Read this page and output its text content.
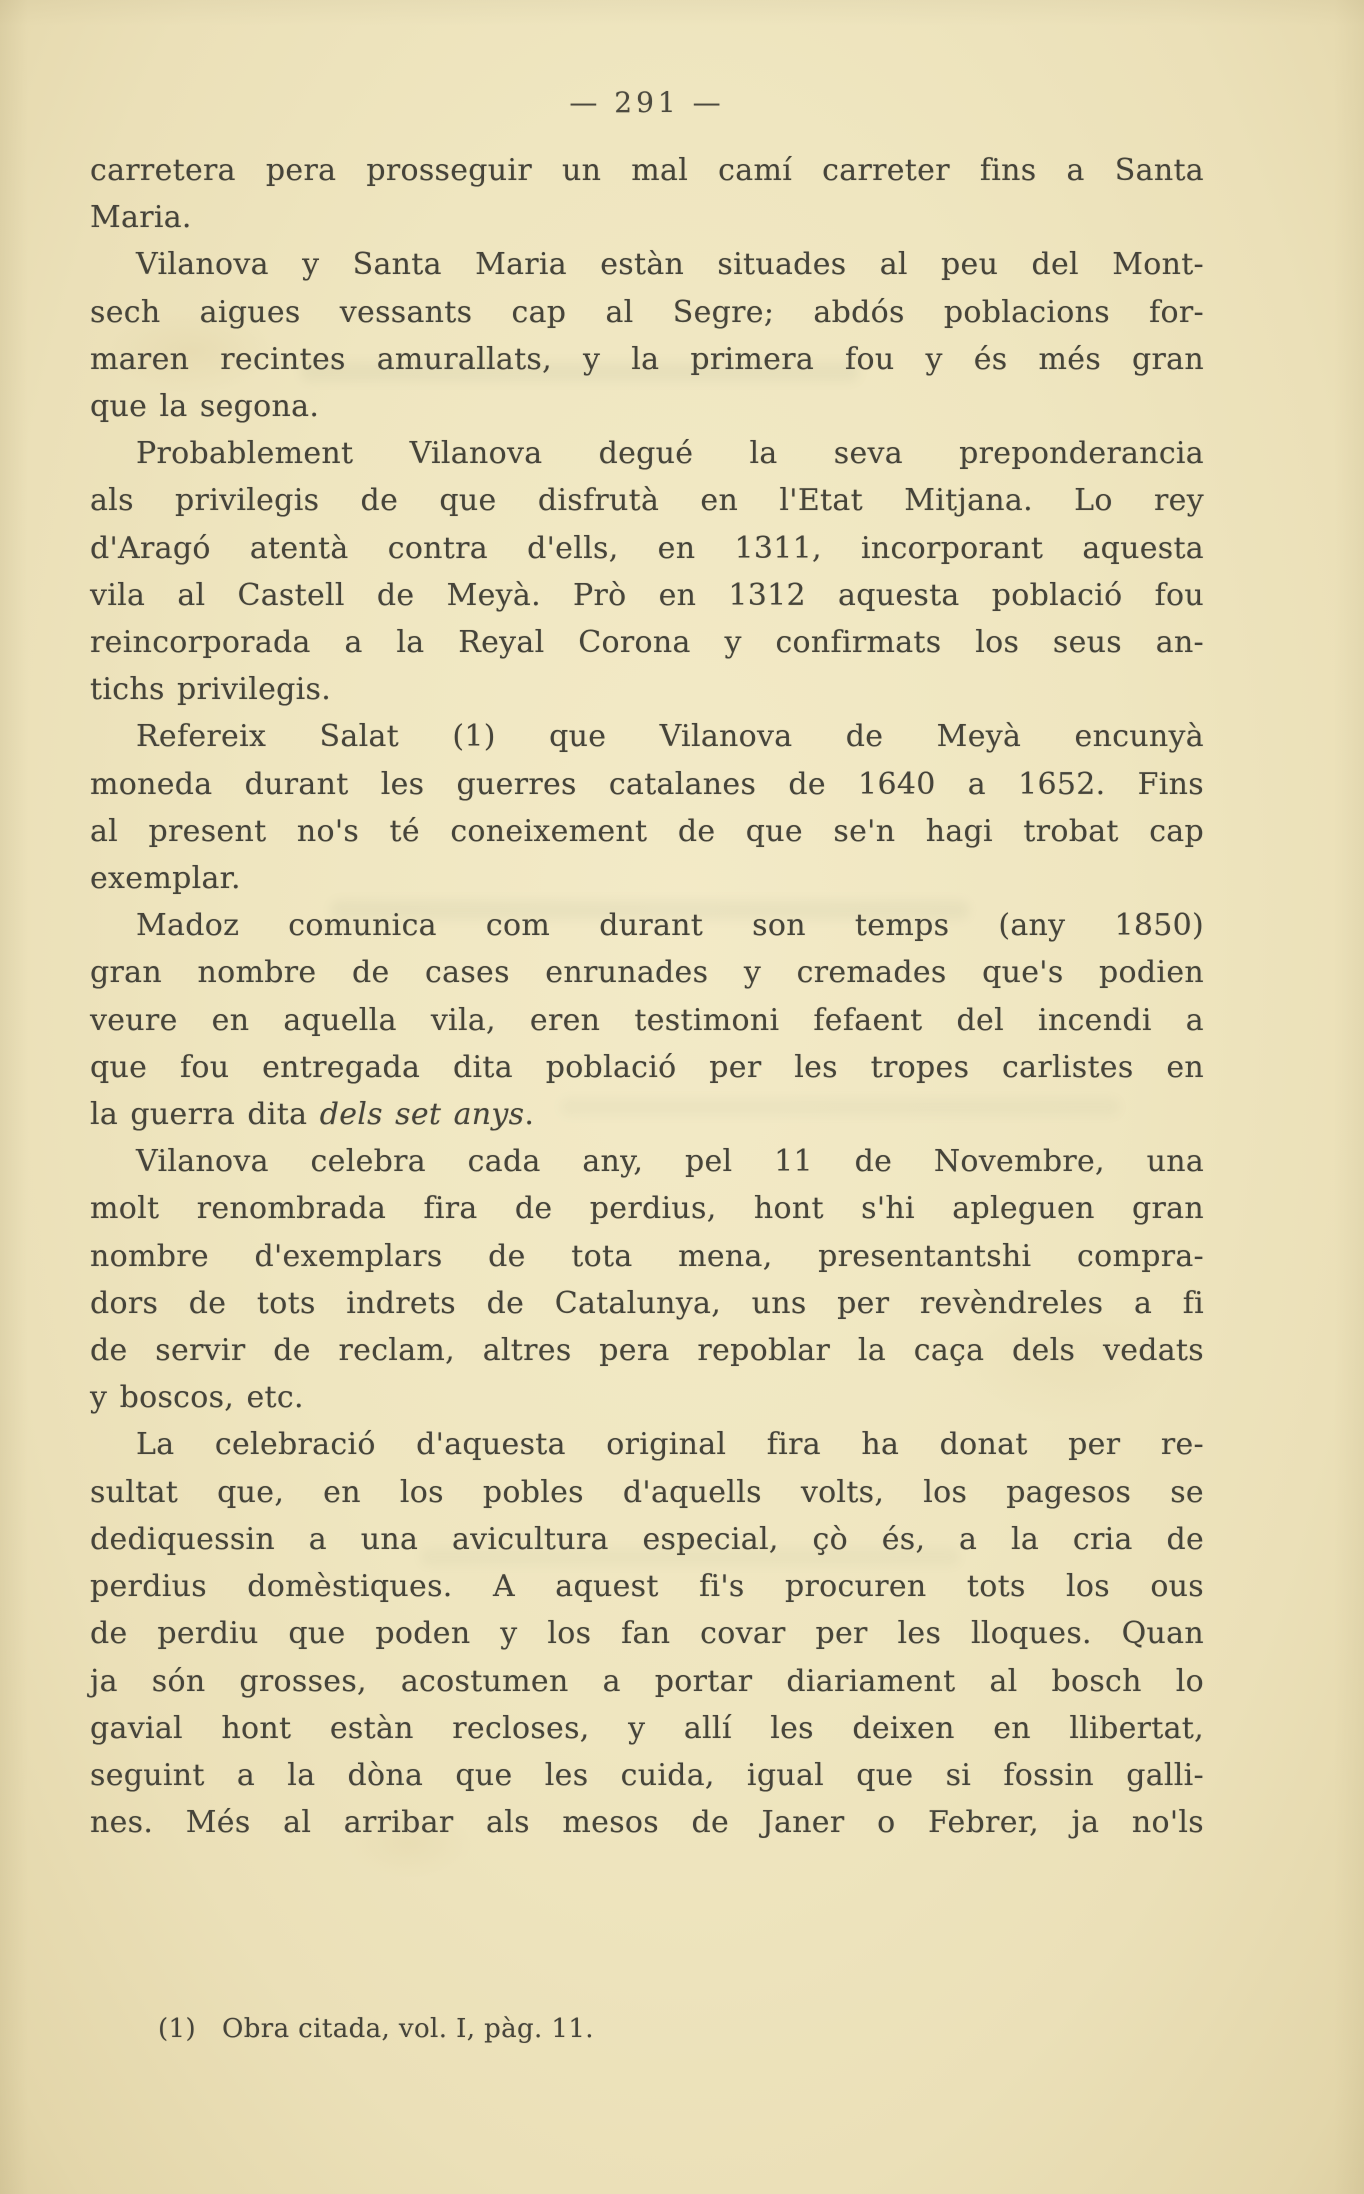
— 291 —
carretera pera prosseguir un mal camí carreter fins a Santa
Maria.
Vilanova y Santa Maria estàn situades al peu del Mont-
sech aigues vessants cap al Segre; abdós poblacions for-
maren recintes amurallats, y la primera fou y és més gran
que la segona.
Probablement Vilanova degué la seva preponderancia
als privilegis de que disfrutà en l'Etat Mitjana. Lo rey
d'Aragó atentà contra d'ells, en 1311, incorporant aquesta
vila al Castell de Meyà. Prò en 1312 aquesta població fou
reincorporada a la Reyal Corona y confirmats los seus an-
tichs privilegis.
Refereix Salat (1) que Vilanova de Meyà encunyà
moneda durant les guerres catalanes de 1640 a 1652. Fins
al present no's té coneixement de que se'n hagi trobat cap
exemplar.
Madoz comunica com durant son temps (any 1850)
gran nombre de cases enrunades y cremades que's podien
veure en aquella vila, eren testimoni fefaent del incendi a
que fou entregada dita població per les tropes carlistes en
la guerra dita dels set anys.
Vilanova celebra cada any, pel 11 de Novembre, una
molt renombrada fira de perdius, hont s'hi apleguen gran
nombre d'exemplars de tota mena, presentantshi compra-
dors de tots indrets de Catalunya, uns per revèndreles a fi
de servir de reclam, altres pera repoblar la caça dels vedats
y boscos, etc.
La celebració d'aquesta original fira ha donat per re-
sultat que, en los pobles d'aquells volts, los pagesos se
dediquessin a una avicultura especial, çò és, a la cria de
perdius domèstiques. A aquest fi's procuren tots los ous
de perdiu que poden y los fan covar per les lloques. Quan
ja són grosses, acostumen a portar diariament al bosch lo
gavial hont estàn recloses, y allí les deixen en llibertat,
seguint a la dòna que les cuida, igual que si fossin galli-
nes. Més al arribar als mesos de Janer o Febrer, ja no'ls
(1) Obra citada, vol. I, pàg. 11.
